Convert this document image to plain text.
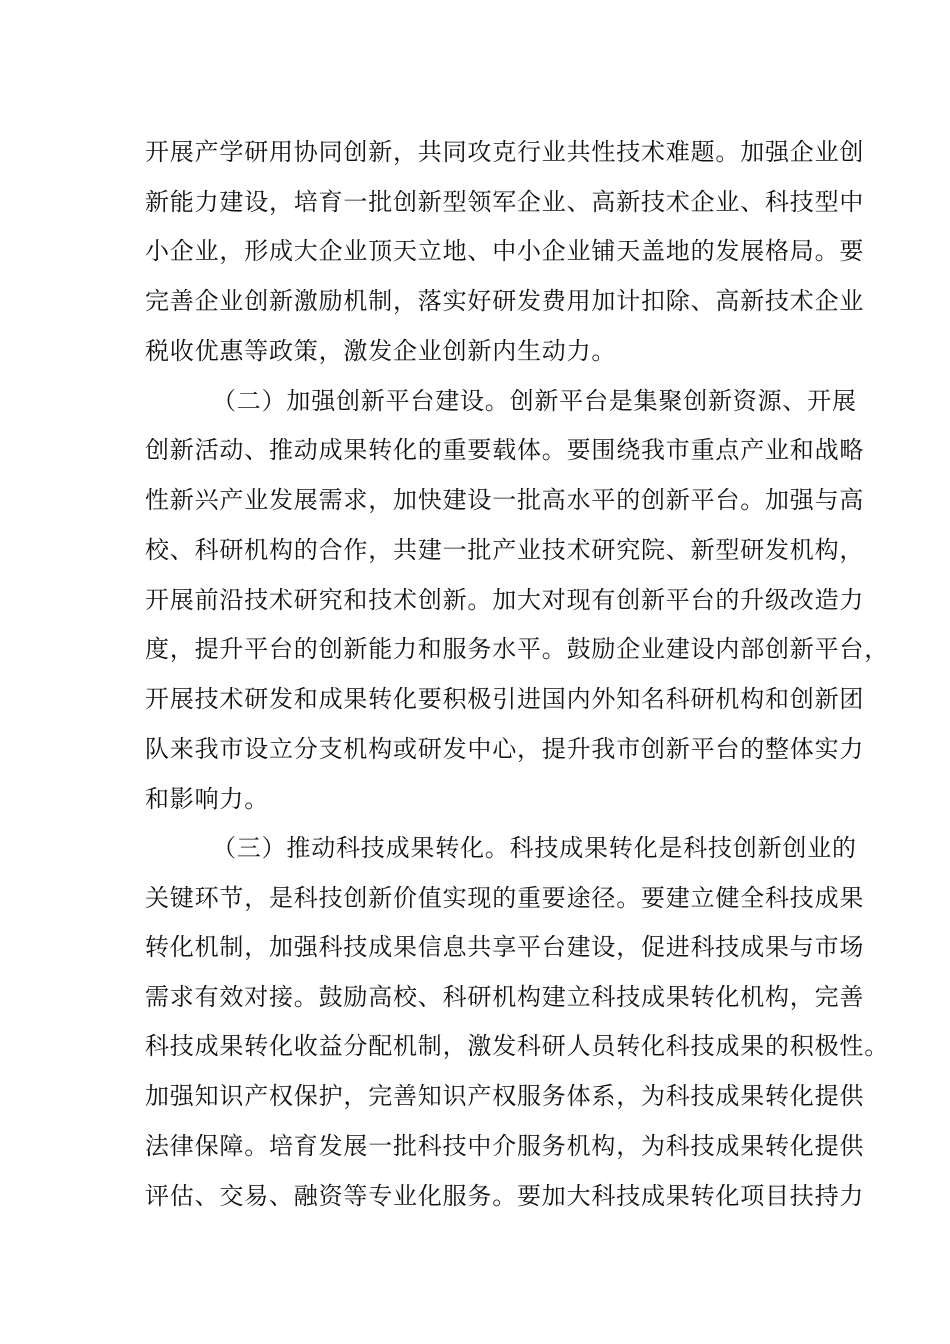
开展产学研用协同创新，共同攻克行业共性技术难题。加强企业创
新能力建设，培育一批创新型领军企业、高新技术企业、科技型中
小企业，形成大企业顶天立地、中小企业铺天盖地的发展格局。要
完善企业创新激励机制，落实好研发费用加计扣除、高新技术企业
税收优惠等政策，激发企业创新内生动力。
（二）加强创新平台建设。创新平台是集聚创新资源、开展
创新活动、推动成果转化的重要载体。要围绕我市重点产业和战略
性新兴产业发展需求，加快建设一批高水平的创新平台。加强与高
校、科研机构的合作，共建一批产业技术研究院、新型研发机构，
开展前沿技术研究和技术创新。加大对现有创新平台的升级改造力
度，提升平台的创新能力和服务水平。鼓励企业建设内部创新平台，
开展技术研发和成果转化要积极引进国内外知名科研机构和创新团
队来我市设立分支机构或研发中心，提升我市创新平台的整体实力
和影响力。
（三）推动科技成果转化。科技成果转化是科技创新创业的
关键环节，是科技创新价值实现的重要途径。要建立健全科技成果
转化机制，加强科技成果信息共享平台建设，促进科技成果与市场
需求有效对接。鼓励高校、科研机构建立科技成果转化机构，完善
科技成果转化收益分配机制，激发科研人员转化科技成果的积极性。
加强知识产权保护，完善知识产权服务体系，为科技成果转化提供
法律保障。培育发展一批科技中介服务机构，为科技成果转化提供
评估、交易、融资等专业化服务。要加大科技成果转化项目扶持力
